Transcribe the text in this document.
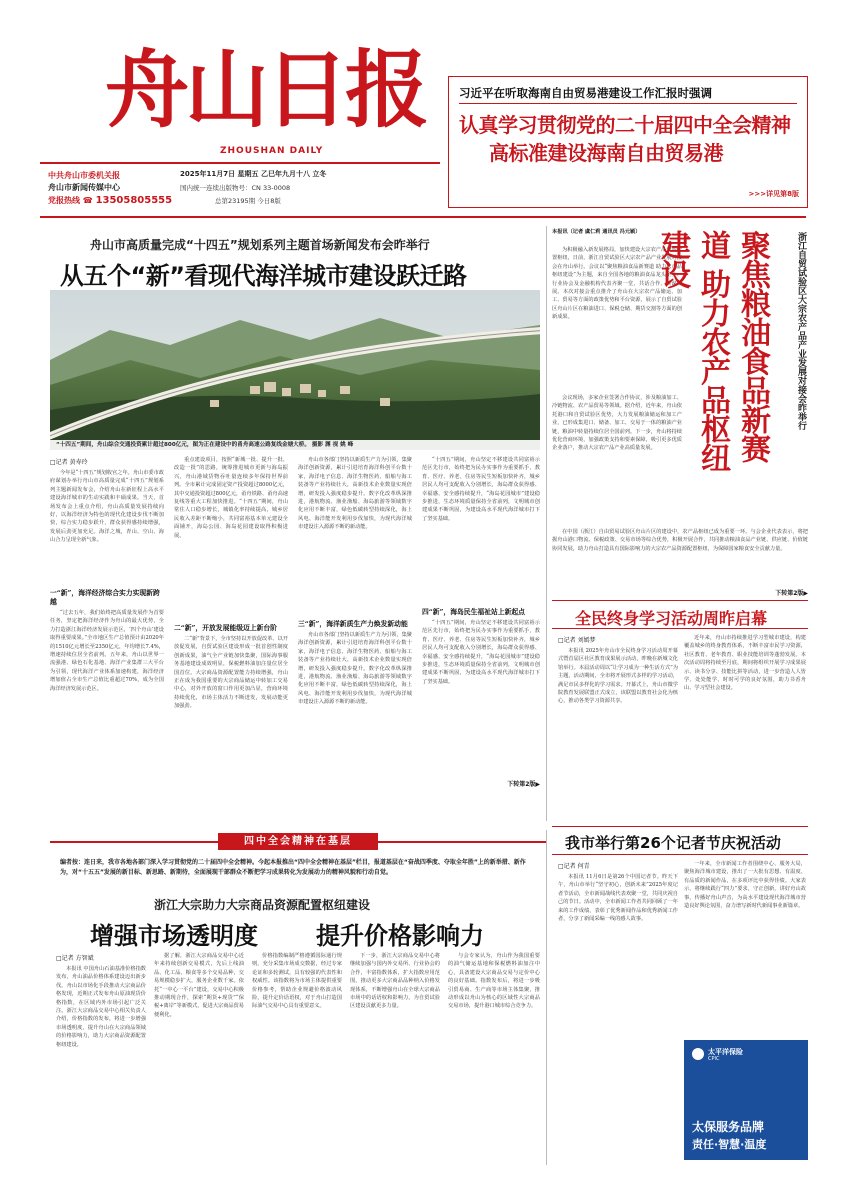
舟山日报
ZHOUSHAN DAILY
中共舟山市委机关报
舟山市新闻传媒中心
党报热线 ☎ 13505805555
2025年11月7日 星期五 乙巳年九月十八 立冬
国内统一连续出版物号：CN 33-0008
总第23195期 今日8版
习近平在听取海南自由贸易港建设工作汇报时强调
认真学习贯彻党的二十届四中全会精神
高标准建设海南自由贸易港
>>>详见第8版
舟山市高质量完成“十四五”规划系列主题首场新闻发布会昨举行
从五个“新”看现代海洋城市建设跃迁路
“十四五”期间，舟山综合交通投资累计超过800亿元，图为正在建设中的甬舟高速公路复线金塘大桥。 摄影 渊 视 姚 峰
□记者 黄寿玲

今年是“十四五”规划收官之年。舟山市委市政府谋划办举行舟山市高质量完成“十四五”规划系列主题新闻发布会，介绍舟山在新征程上高水平建设海洋城市的生动实践和丰硕成果。当天，首场发布会上重点介绍，舟山高质量发展持续向好，以海洋经济为特色的现代化建设步伐不断加快，综合实力稳步跃升，群众获得感持续增强，发展后劲更加充足。海洋之城，青山、空山、海山合力呈现全新气象。

一“新”，海洋经济综合实力实现新跨越

“过去五年，我们始终把高质量发展作为首要任务，坚定把海洋经济作为舟山的最大优势，全力打造浙江海洋经济发展示范区，‘四个舟山’建设取得重要成果。”全市地区生产总值预计由2020年的1510亿元增长至2350亿元，年均增长7.4%，增速持续位居全省前列。五年来，舟山以世界一流强港、绿色石化基地、海洋产业集群三大平台为引领，现代海洋产业体系加速构建，海洋经济增加值占全市生产总值比重超过70%，成为全国海洋经济发展示范区。

重点建设项目，按照“新城一批、提升一批、改造一批”的思路，统筹推进城市更新与海岛振兴，舟山港域货物吞吐量连续多年保持世界前列。全市累计完成固定资产投资超过8000亿元，其中交通投资超过800亿元，甬舟铁路、甬舟高速复线等重大工程加快推进。“十四五”期间，舟山常住人口稳步增长，城镇化率持续提高，城乡居民收入差距不断缩小，共同富裕基本单元建设全面铺开，海岛公园、海岛花园建设取得积极进展。

二“新”，开放发展能级迈上新台阶

二“新”背景下，全市坚持以开放促改革、以开放促发展，自贸试验区建设形成一批首创性制度创新成果，油气全产业链加快集聚，国际海事服务基地建设成效明显，保税燃料油加注量位居全国首位。大宗商品资源配置能力持续增强，舟山正在成为我国重要的大宗商品储运中转加工交易中心，对外开放的窗口作用更加凸显，营商环境持续优化，市场主体活力不断迸发，发展动能更加强劲。

舟山市各部门坚持以新质生产力为引领，集聚海洋创新资源，累计引进培育海洋科创平台数十家，海洋电子信息、海洋生物医药、船舶与海工装备等产业持续壮大，高新技术企业数量实现倍增，研发投入强度稳步提升。数字化改革纵深推进，港航物流、渔业渔船、海岛旅游等领域数字化应用不断丰富，绿色低碳转型持续深化，海上风电、海洋能开发利用步伐加快，为现代海洋城市建设注入源源不断的新动能。

三“新”，海洋新质生产力焕发新动能

舟山市各部门坚持以新质生产力为引领，集聚海洋创新资源，累计引进培育海洋科创平台数十家，海洋电子信息、海洋生物医药、船舶与海工装备等产业持续壮大，高新技术企业数量实现倍增，研发投入强度稳步提升。数字化改革纵深推进，港航物流、渔业渔船、海岛旅游等领域数字化应用不断丰富，绿色低碳转型持续深化，海上风电、海洋能开发利用步伐加快，为现代海洋城市建设注入源源不断的新动能。

“十四五”期间，舟山坚定不移建设共同富裕示范区先行市，始终把为民办实事作为重要抓手，教育、医疗、养老、住房等民生短板加快补齐，城乡居民人均可支配收入分别增长，海岛群众获得感、幸福感、安全感持续提升，“海岛花园城市”建设稳步推进，生态环境质量保持全省前列，文明城市创建成果不断巩固，为建设高水平现代海洋城市打下了坚实基础。

四“新”，海岛民生福祉站上新起点

“十四五”期间，舟山坚定不移建设共同富裕示范区先行市，始终把为民办实事作为重要抓手，教育、医疗、养老、住房等民生短板加快补齐，城乡居民人均可支配收入分别增长，海岛群众获得感、幸福感、安全感持续提升，“海岛花园城市”建设稳步推进，生态环境质量保持全省前列，文明城市创建成果不断巩固，为建设高水平现代海洋城市打下了坚实基础。

下转第2版▶

本报讯（记者 虞仁莉 通讯员 冯元颖）

为积极融入新发展格局，加快建设大宗农产品资源配置枢纽，日前，浙江自贸试验区大宗农产品产业发展对接会在舟山举行。会议以“聚焦粮油食品新赛道 助力农产品枢纽建设”为主题，来自全国各地的粮油食品龙头企业、行业协会及金融机构代表齐聚一堂，共话合作、共谋发展。本次对接会重点推介了舟山在大宗农产品储运、加工、贸易等方面的政策优势和平台资源，展示了自贸试验区舟山片区在粮油进口、保税仓储、期货交割等方面的创新成果。

会议现场，多家企业签署合作协议，涉及粮油加工、冷链物流、农产品贸易等领域。据介绍，近年来，舟山依托港口和自贸试验区优势，大力发展粮油储运和加工产业，已形成集进口、储备、加工、交易于一体的粮油产业链，粮油中转量持续位居全国前列。下一步，舟山将持续优化营商环境，加强政策支持和要素保障，吸引更多优质企业落户，推动大宗农产品产业高质量发展。	聚焦粮油食品新赛道 助力农产品枢纽建设	浙江自贸试验区大宗农产品产业发展对接会昨举行

在中国（浙江）自由贸易试验区舟山片区的建设中，农产品枢纽已成为重要一环。与会企业代表表示，将把握舟山港口物流、保税政策、交易市场等综合优势，积极开展合作，共同推动粮油食品产业链、供应链、价值链协同发展，助力舟山打造具有国际影响力的大宗农产品资源配置枢纽，为保障国家粮食安全贡献力量。

下转第2版▶
全民终身学习活动周昨启幕
□记者 刘嫣梦

本报讯 2025年舟山市全民终身学习活动周开幕式暨首届区社区教育成果展示活动，昨晚在新城文化馆举行。本届活动周以“让学习成为一种生活方式”为主题，活动期间，全市将开展形式多样的学习活动，满足市民多样化的学习需求。开幕式上，舟山市微学院教育发展联盟正式成立，该联盟以教育社会化为核心，推动各类学习资源共享。

近年来，舟山市持续推进学习型城市建设，构建覆盖城乡的终身教育体系，不断丰富市民学习资源，社区教育、老年教育、职业技能培训等蓬勃发展。本次活动周将持续至月底，期间将组织开展学习成果展示、读书分享、技能比拼等活动，进一步营造人人皆学、处处能学、时时可学的良好氛围，助力书香舟山、学习型社会建设。

我市举行第26个记者节庆祝活动
□记者 何青

本报讯 11月6日是第26个中国记者节。昨天下午，舟山市举行“坚守初心，创新未来”2025年度记者节活动，全市新闻战线代表欢聚一堂，共同庆祝自己的节日。活动中，全市新闻工作者共同回顾了一年来的工作成绩，表彰了优秀新闻作品和优秀新闻工作者，分享了新闻采编一线的感人故事。

一年来，全市新闻工作者围绕中心、服务大局，聚焦海洋城市建设，推出了一大批有思想、有温度、有品质的新闻作品，在多项评比中获得佳绩。大家表示，将继续践行“四力”要求，守正创新，讲好舟山故事，传播好舟山声音，为高水平建设现代海洋城市营造良好舆论氛围，奋力谱写新时代新闻事业新篇章。

太平洋保险
CPIC
太保服务品牌
责任·智慧·温度
四中全会精神在基层
编者按：连日来，我市各地各部门深入学习贯彻党的二十届四中全会精神。今起本报推出“四中全会精神在基层”栏目，报道基层在“奋战四季度、夺取全年胜”上的新举措、新作为，对“十五五”发展的新目标、新思路、新期待，全面展现干部群众不断把学习成果转化为发展动力的精神风貌和行动自觉。
浙江大宗助力大宗商品资源配置枢纽建设
增强市场透明度 提升价格影响力
□记者 方智斌

本报讯 中国舟山石油基准价格指数发布，舟山油品价格体系建设迈出新步伐。舟山以市场化手段推动大宗商品价格发现，近期正式发布舟山原油现货价格指数，在区域内外市场引起广泛关注。浙江大宗商品交易中心相关负责人介绍，价格指数的发布，将进一步增强市场透明度，提升舟山在大宗商品领域的价格影响力，助力大宗商品资源配置枢纽建设。

据了解，浙江大宗商品交易中心近年来持续创新交易模式，先后上线油品、化工品、粮食等多个交易品种，交易规模稳步扩大，服务企业数千家。依托“一中心一平台”建设，交易中心积极推动期现合作，探索“期货+现货”“保税+离岸”等新模式，促进大宗商品贸易便利化。

价格指数编制严格遵循国际通行规则，充分采集市场成交数据，经过专家论证和多轮测试，具有较强的代表性和权威性。该指数将为市场主体提供重要价格参考，帮助企业规避价格波动风险，提升定价话语权，对于舟山打造国际油气交易中心具有重要意义。

下一步，浙江大宗商品交易中心将继续加强与国内外交易所、行业协会的合作，丰富指数体系，扩大指数应用范围，推动更多大宗商品品种纳入价格发现体系，不断增强舟山在全球大宗商品市场中的话语权和影响力，为自贸试验区建设贡献更多力量。

与会专家认为，舟山作为我国重要的油气储运基地和保税燃料油加注中心，具备建设大宗商品交易与定价中心的良好基础。指数发布后，将进一步吸引贸易商、生产商等市场主体集聚，推动形成以舟山为核心的区域性大宗商品交易市场，提升港口城市综合竞争力。
